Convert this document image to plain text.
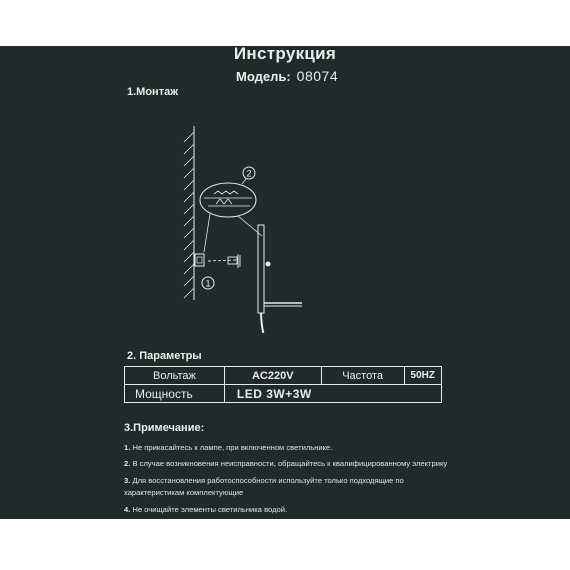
Инструкция
Модель: 08074
1.Монтаж
2
1
2. Параметры
Вольтаж	AC220V	Частота	50HZ
Мощность	LED 3W+3W		
3.Примечание:
1. Не прикасайтесь к лампе, при включенном светильнике.
2. В случае возникновения неисправности, обращайтесь к квалифицированному электрику
3. Для восстановления работоспособности используйте только подходящие по характеристикам комплектующие
4. Не очищайте элементы светильника водой.
